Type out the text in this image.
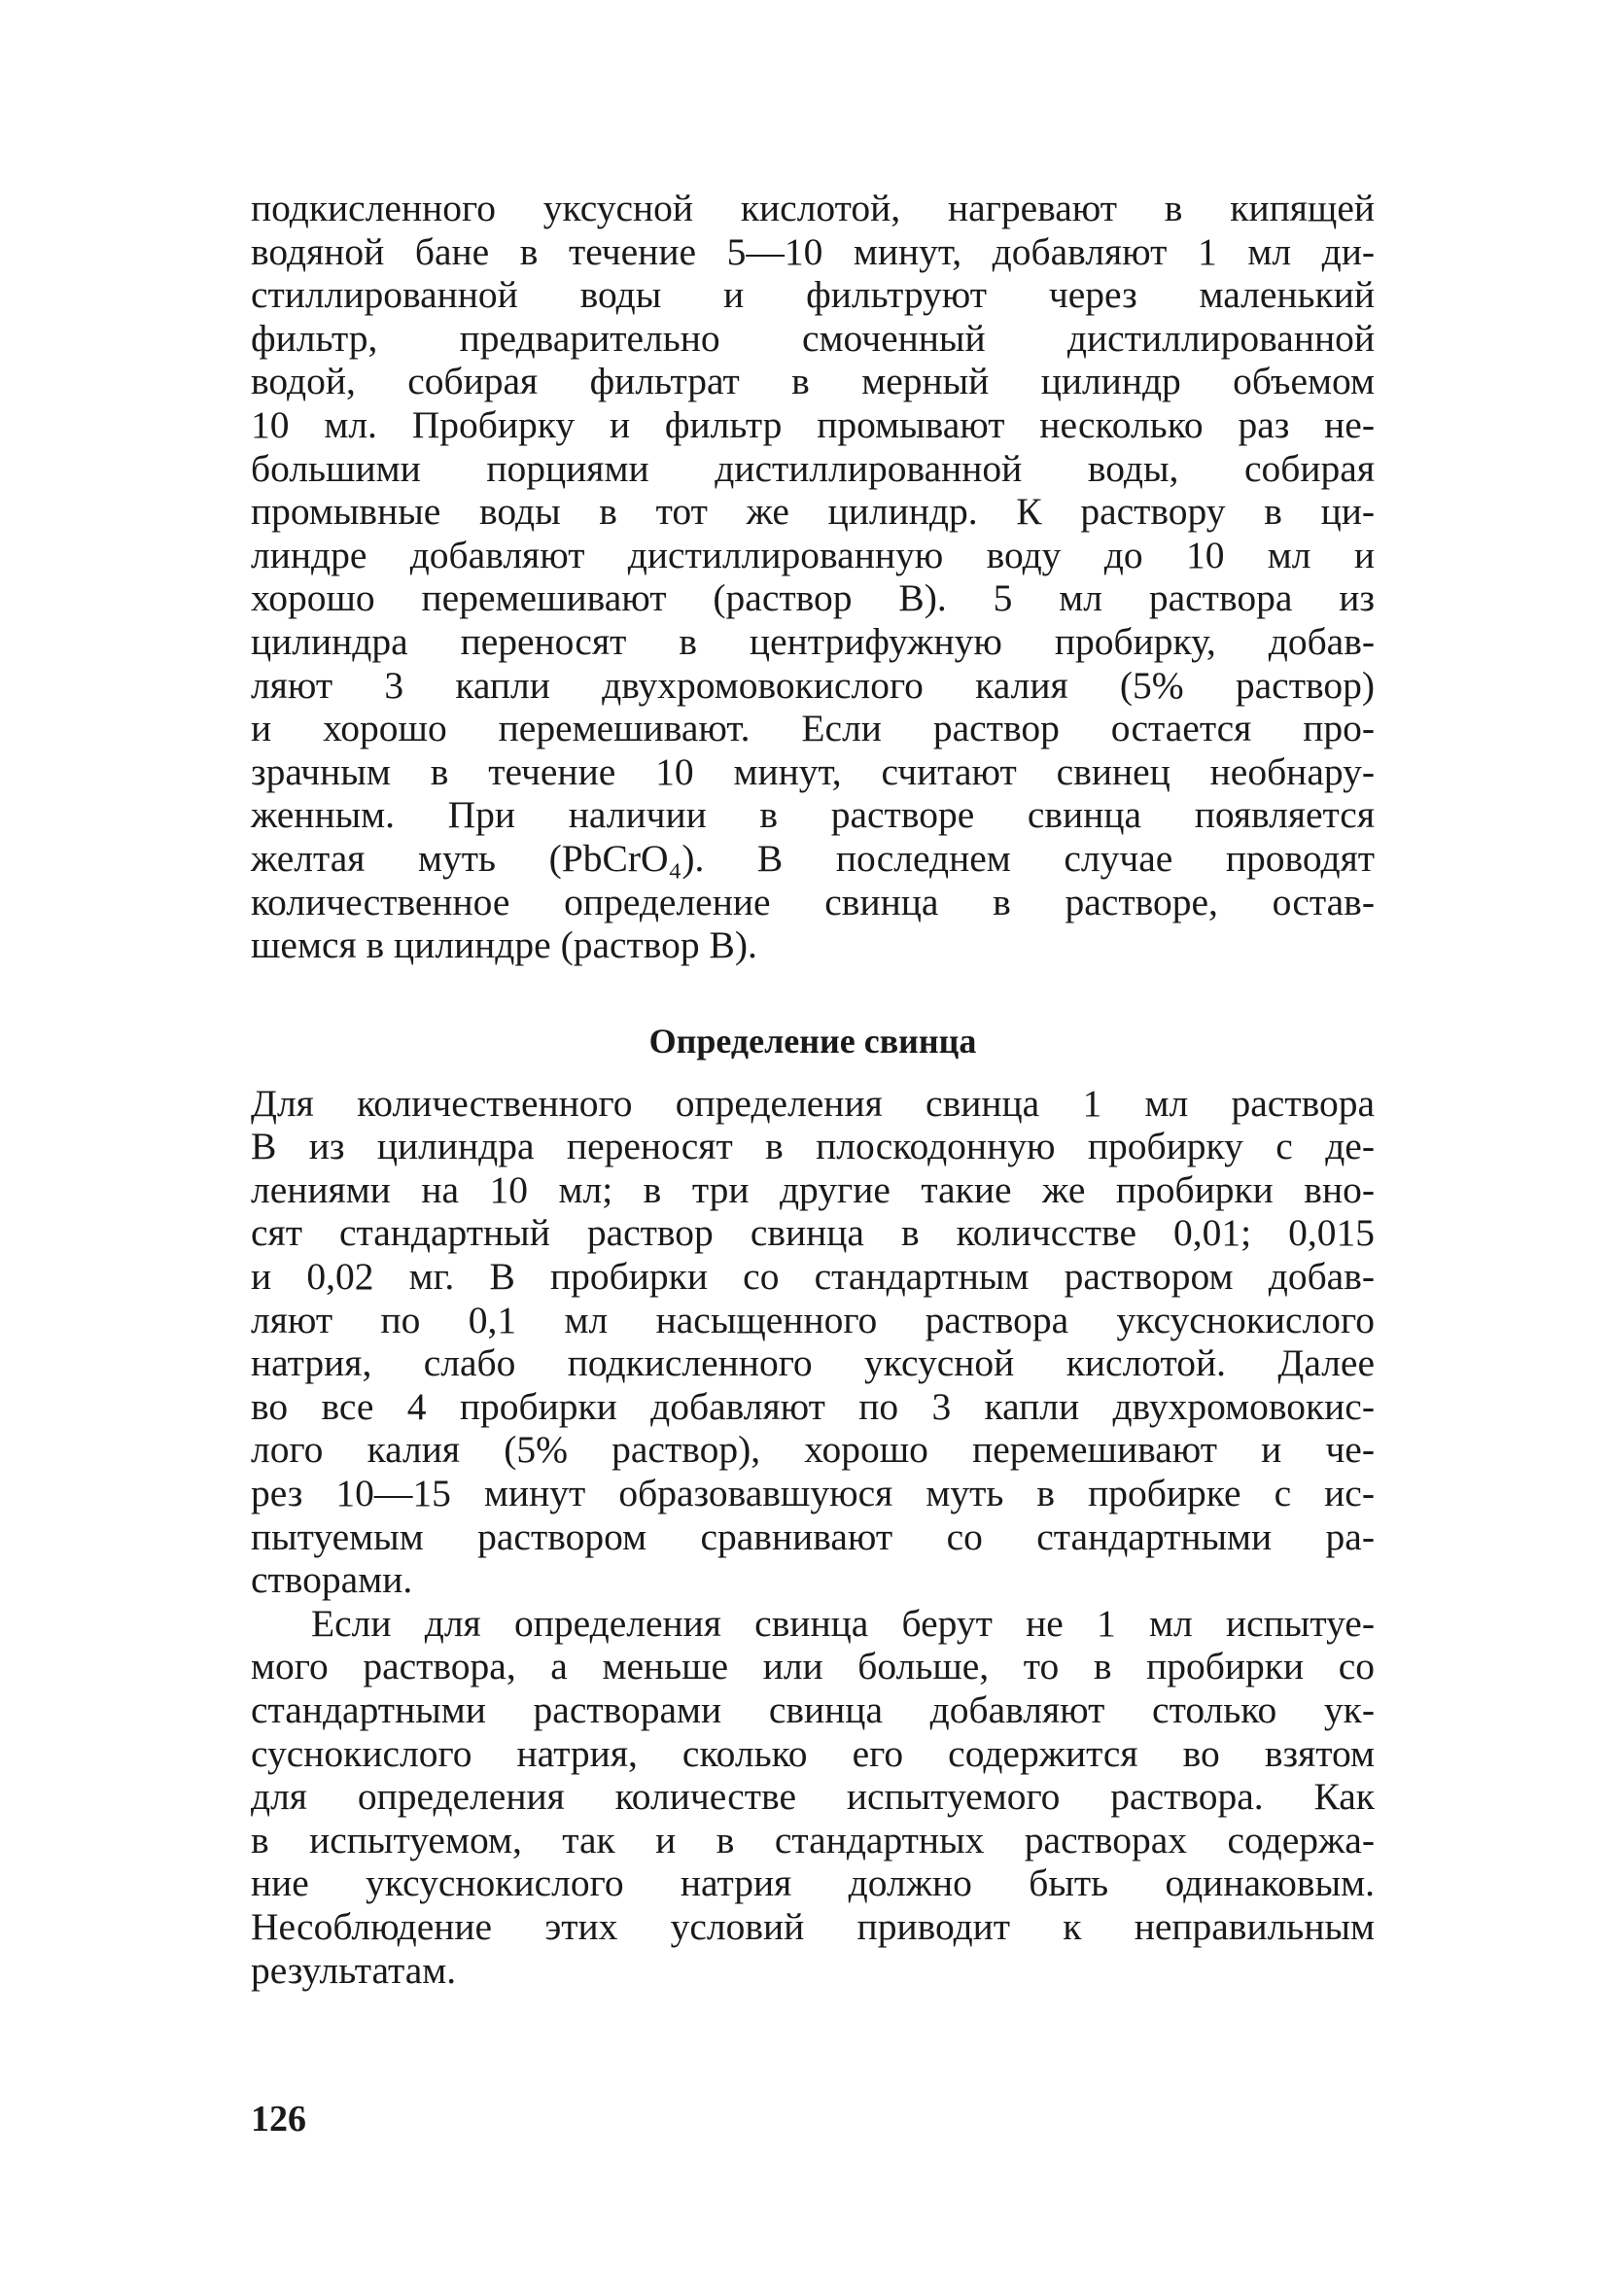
подкисленного уксусной кислотой, нагревают в кипящей
водяной бане в течение 5—10 минут, добавляют 1 мл ди-
стиллированной воды и фильтруют через маленький
фильтр, предварительно смоченный дистиллированной
водой, собирая фильтрат в мерный цилиндр объемом
10 мл. Пробирку и фильтр промывают несколько раз не-
большими порциями дистиллированной воды, собирая
промывные воды в тот же цилиндр. К раствору в ци-
линдре добавляют дистиллированную воду до 10 мл и
хорошо перемешивают (раствор В). 5 мл раствора из
цилиндра переносят в центрифужную пробирку, добав-
ляют 3 капли двухромовокислого калия (5% раствор)
и хорошо перемешивают. Если раствор остается про-
зрачным в течение 10 минут, считают свинец необнару-
женным. При наличии в растворе свинца появляется
желтая муть (PbCrO₄). В последнем случае проводят
количественное определение свинца в растворе, остав-
шемся в цилиндре (раствор В).
Определение свинца
Для количественного определения свинца 1 мл раствора
В из цилиндра переносят в плоскодонную пробирку с де-
лениями на 10 мл; в три другие такие же пробирки вно-
сят стандартный раствор свинца в количсстве 0,01; 0,015
и 0,02 мг. В пробирки со стандартным раствором добав-
ляют по 0,1 мл насыщенного раствора уксуснокислого
натрия, слабо подкисленного уксусной кислотой. Далее
во все 4 пробирки добавляют по 3 капли двухромовокис-
лого калия (5% раствор), хорошо перемешивают и че-
рез 10—15 минут образовавшуюся муть в пробирке с ис-
пытуемым раствором сравнивают со стандартными ра-
створами.
Если для определения свинца берут не 1 мл испытуе-
мого раствора, а меньше или больше, то в пробирки со
стандартными растворами свинца добавляют столько ук-
суснокислого натрия, сколько его содержится во взятом
для определения количестве испытуемого раствора. Как
в испытуемом, так и в стандартных растворах содержа-
ние уксуснокислого натрия должно быть одинаковым.
Несоблюдение этих условий приводит к неправильным
результатам.
126
